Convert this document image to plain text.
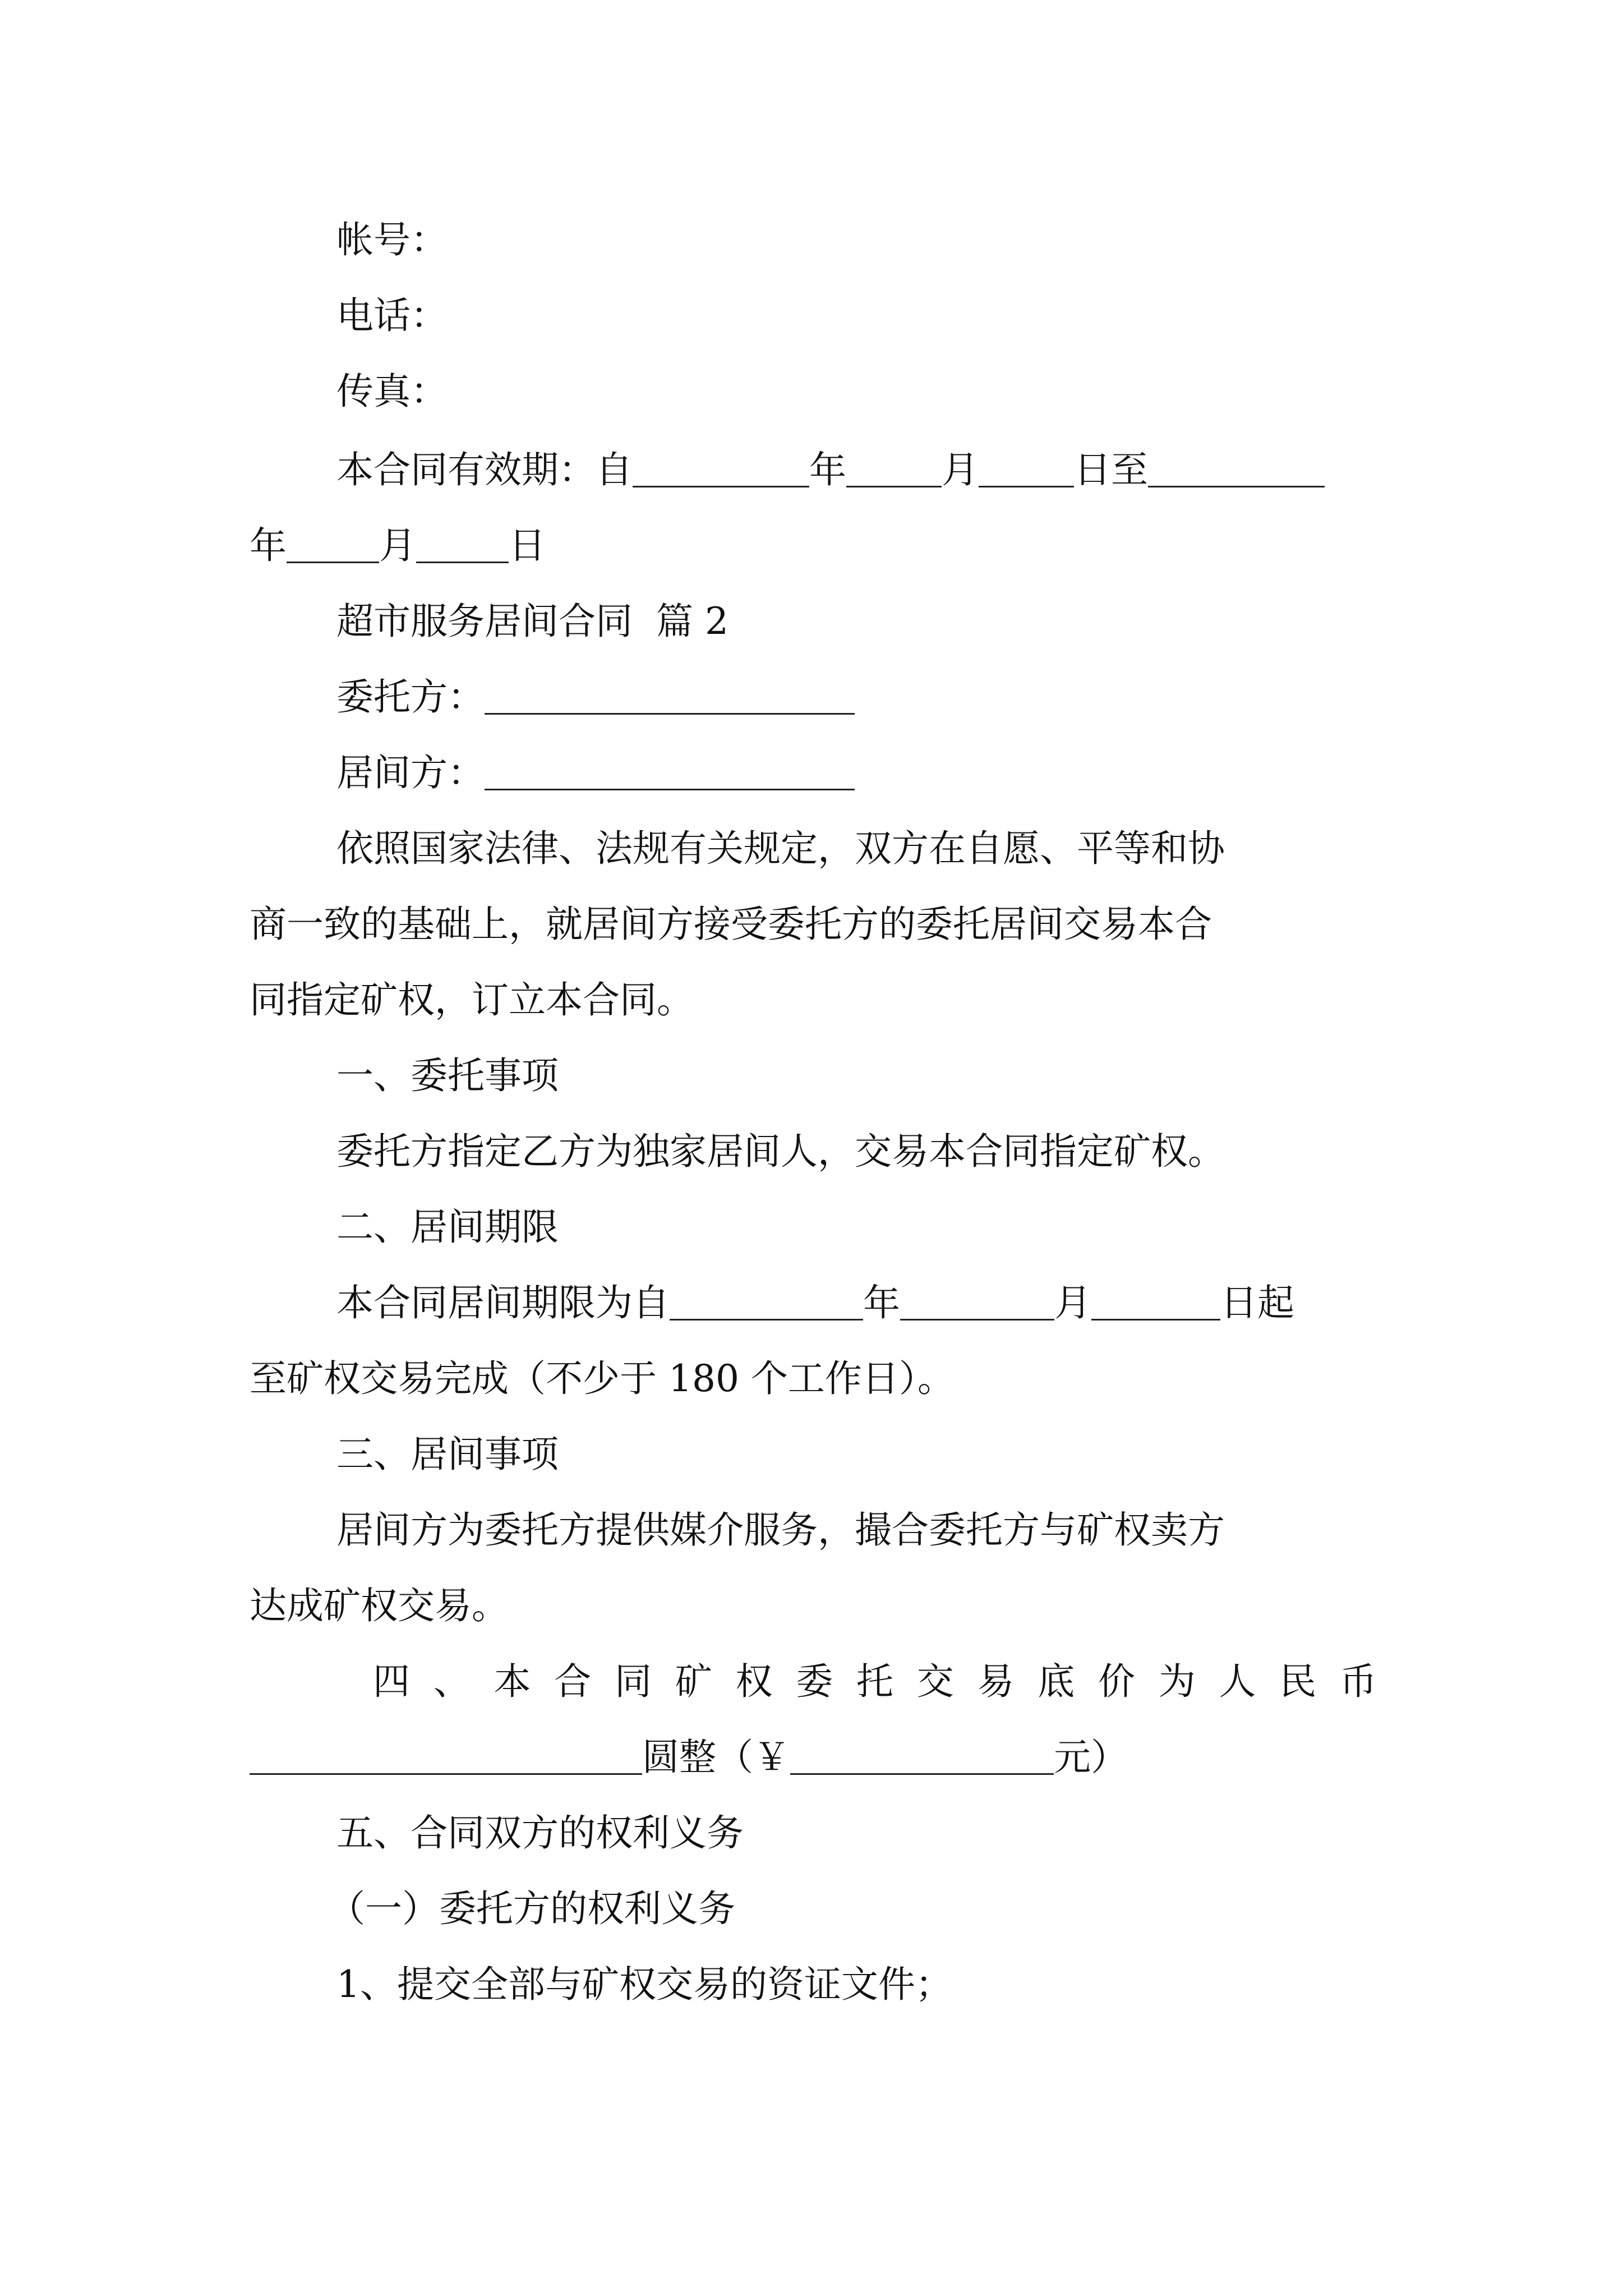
帐号：
电话：
传真：
本合同有效期：自	年	月	日至
年	月	日
超市服务居间合同  篇 2
委托方：
居间方：
依照国家法律、法规有关规定，双方在自愿、平等和协
商一致的基础上，就居间方接受委托方的委托居间交易本合
同指定矿权，订立本合同。
一、委托事项
委托方指定乙方为独家居间人，交易本合同指定矿权。
二、居间期限
本合同居间期限为自	年	月	日起
至矿权交易完成（不少于 180 个工作日）。
三、居间事项
居间方为委托方提供媒介服务，撮合委托方与矿权卖方
达成矿权交易。
四 、 本 合 同 矿 权 委 托 交 易 底 价 为 人 民 币
圆整（￥	元）
五、合同双方的权利义务
（一）委托方的权利义务
1、提交全部与矿权交易的资证文件；
